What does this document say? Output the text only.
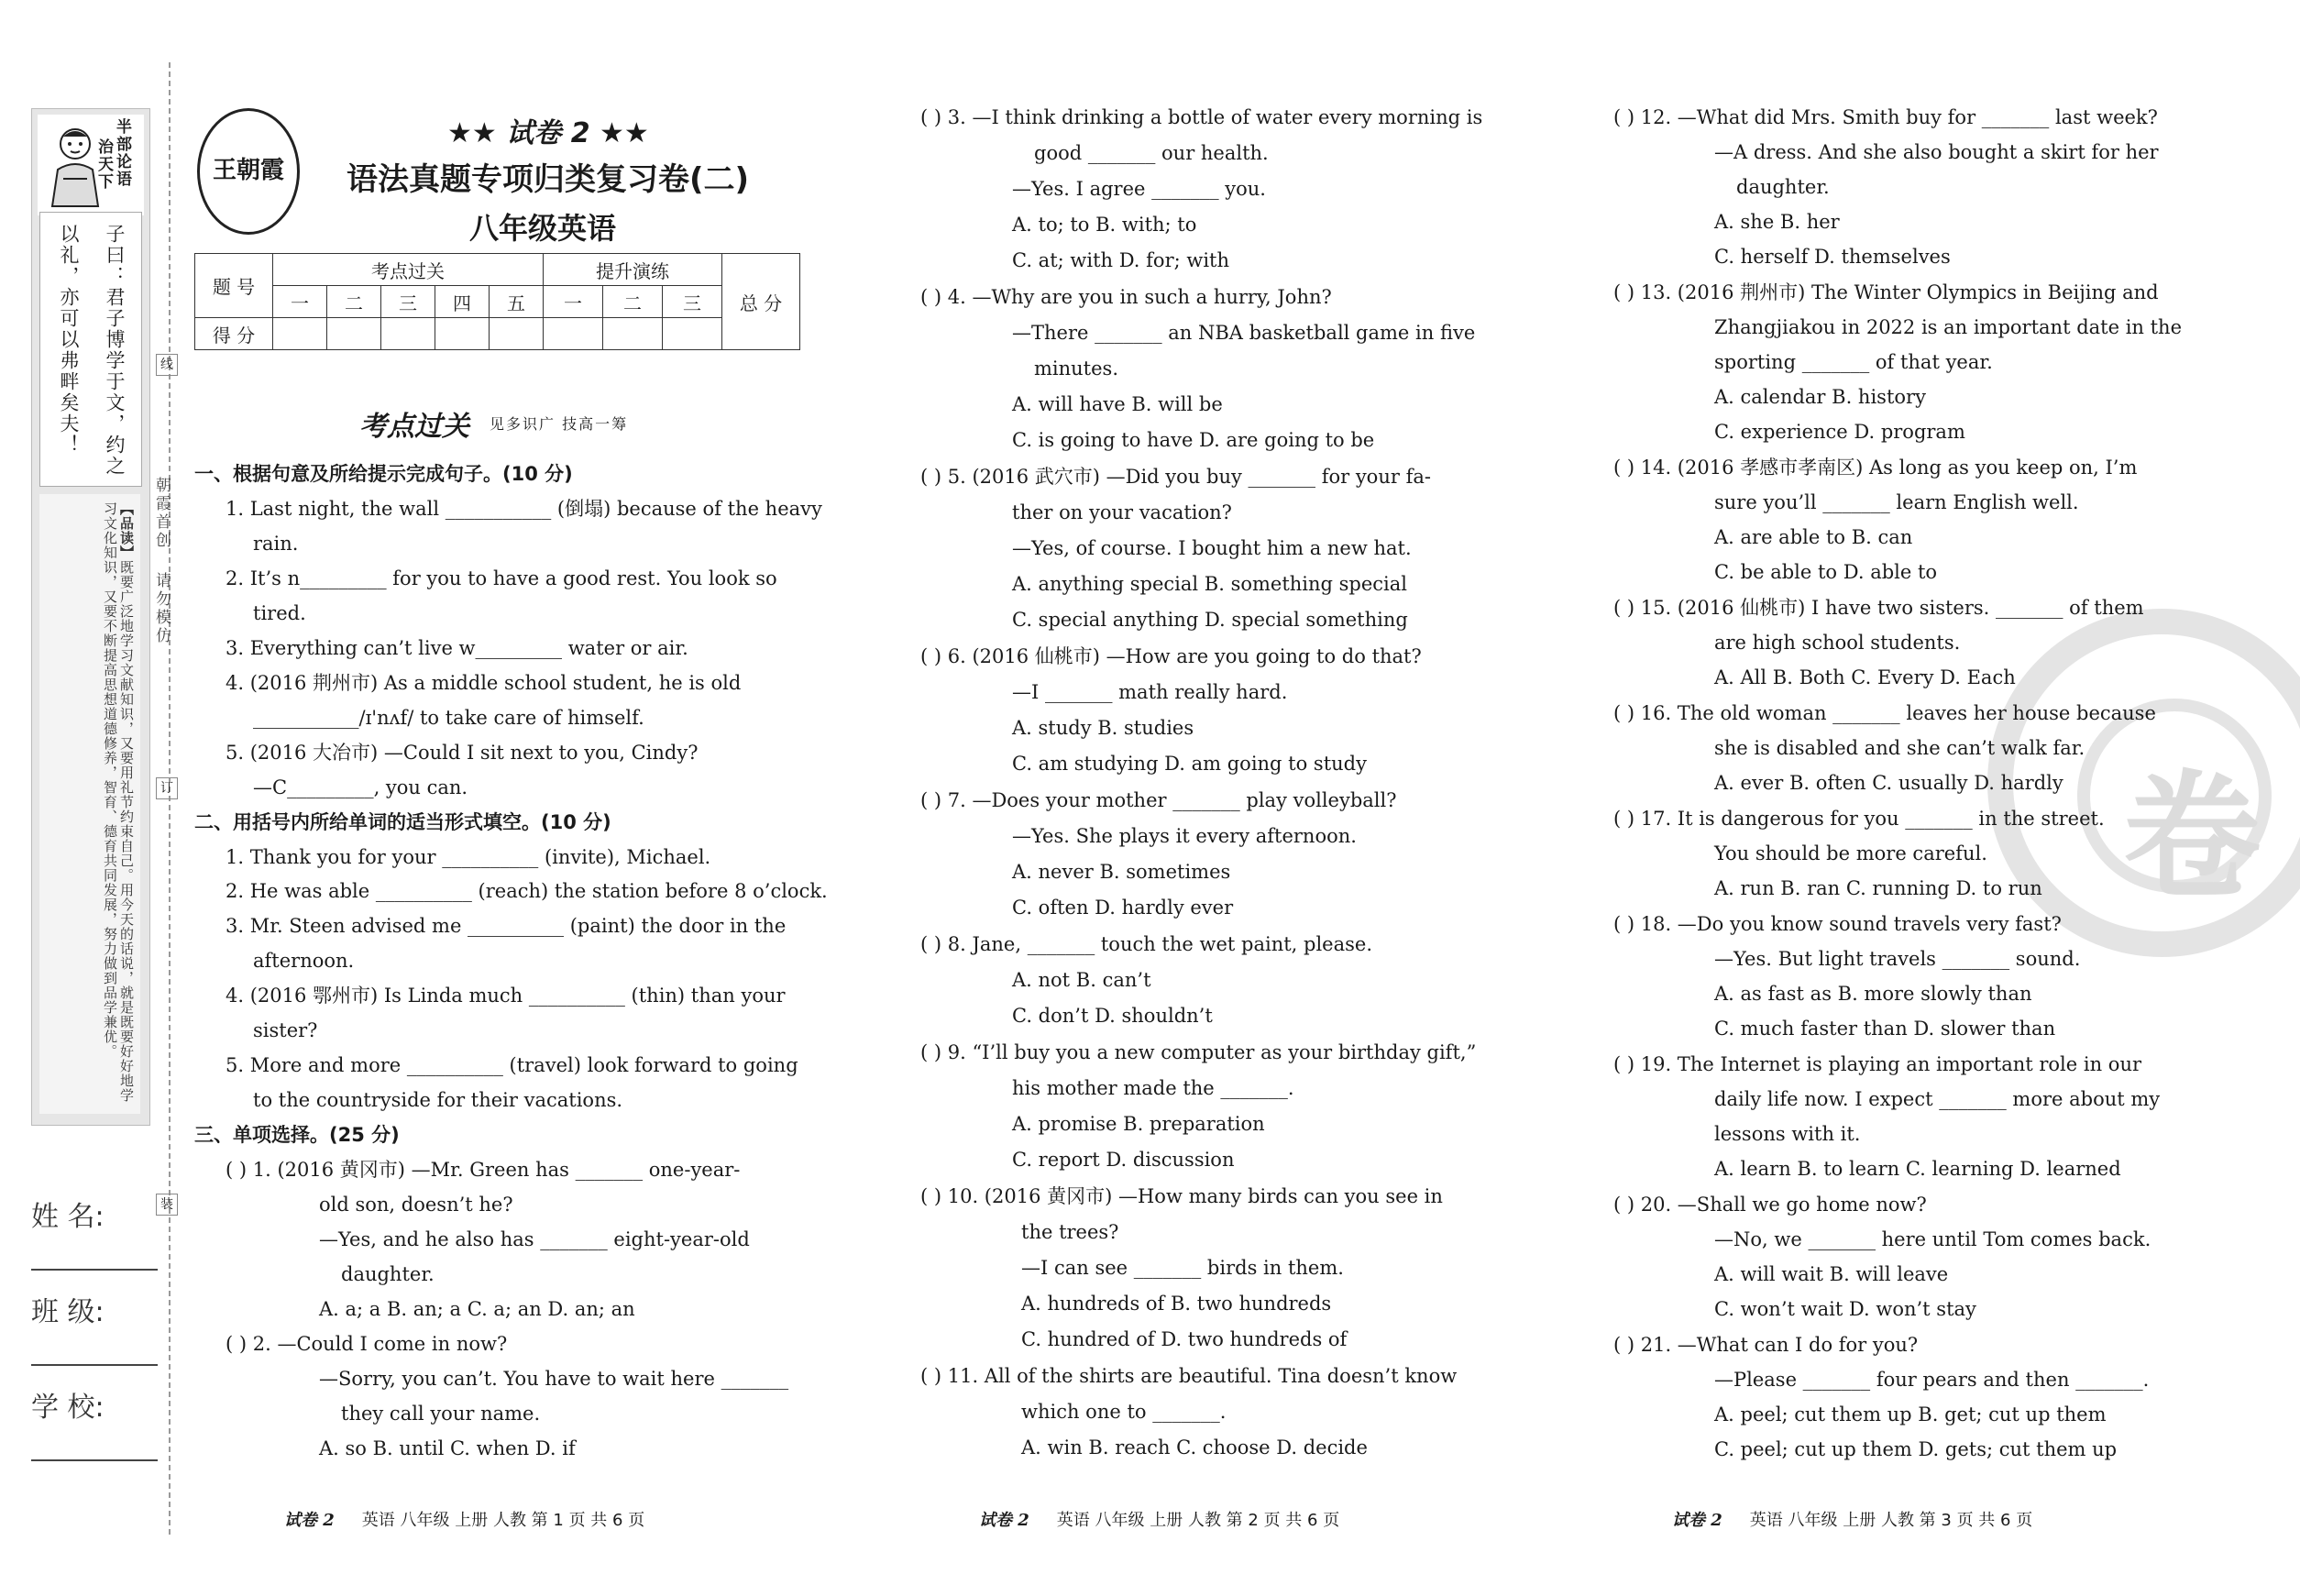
半部论语
治天下
子曰：君子博学于文，约之
以礼，亦可以弗畔矣夫！
【品读】既要广泛地学习文献知识，又要用礼节约束自己。用今天的话说，就是既要好好地学习文化知识，又要不断提高思想道德修养，智育、德育共同发展，努力做到品学兼优。
姓 名:
班 级:
学 校:
线
订
装
朝霞首创
请勿模仿
王朝霞
★★ 试卷 2 ★★
语法真题专项归类复习卷(二)
八年级英语
题 号	考点过关					提升演练			总 分
	一	二	三	四	五	一	二	三	
得 分									
考点过关 见多识广 技高一筹
卷
一、根据句意及所给提示完成句子。(10 分)
1. Last night, the wall ___________ (倒塌) because of the heavy
rain.
2. It’s n_________ for you to have a good rest. You look so
tired.
3. Everything can’t live w_________ water or air.
4. (2016 荆州市) As a middle school student, he is old
___________/ɪ'nʌf/ to take care of himself.
5. (2016 大冶市) —Could I sit next to you, Cindy?
—C_________, you can.
二、用括号内所给单词的适当形式填空。(10 分)
1. Thank you for your __________ (invite), Michael.
2. He was able __________ (reach) the station before 8 o’clock.
3. Mr. Steen advised me __________ (paint) the door in the
afternoon.
4. (2016 鄂州市) Is Linda much __________ (thin) than your
sister?
5. More and more __________ (travel) look forward to going
to the countryside for their vacations.
三、单项选择。(25 分)
( ) 1. (2016 黄冈市) —Mr. Green has _______ one-year-
old son, doesn’t he?
—Yes, and he also has _______ eight-year-old
daughter.
A. a; a B. an; a C. a; an D. an; an
( ) 2. —Could I come in now?
—Sorry, you can’t. You have to wait here _______
they call your name.
A. so B. until C. when D. if
( ) 3. —I think drinking a bottle of water every morning is
good _______ our health.
—Yes. I agree _______ you.
A. to; to B. with; to
C. at; with D. for; with
( ) 4. —Why are you in such a hurry, John?
—There _______ an NBA basketball game in five
minutes.
A. will have B. will be
C. is going to have D. are going to be
( ) 5. (2016 武穴市) —Did you buy _______ for your fa-
ther on your vacation?
—Yes, of course. I bought him a new hat.
A. anything special B. something special
C. special anything D. special something
( ) 6. (2016 仙桃市) —How are you going to do that?
—I _______ math really hard.
A. study B. studies
C. am studying D. am going to study
( ) 7. —Does your mother _______ play volleyball?
—Yes. She plays it every afternoon.
A. never B. sometimes
C. often D. hardly ever
( ) 8. Jane, _______ touch the wet paint, please.
A. not B. can’t
C. don’t D. shouldn’t
( ) 9. “I’ll buy you a new computer as your birthday gift,”
his mother made the _______.
A. promise B. preparation
C. report D. discussion
( ) 10. (2016 黄冈市) —How many birds can you see in
the trees?
—I can see _______ birds in them.
A. hundreds of B. two hundreds
C. hundred of D. two hundreds of
( ) 11. All of the shirts are beautiful. Tina doesn’t know
which one to _______.
A. win B. reach C. choose D. decide
( ) 12. —What did Mrs. Smith buy for _______ last week?
—A dress. And she also bought a skirt for her
daughter.
A. she B. her
C. herself D. themselves
( ) 13. (2016 荆州市) The Winter Olympics in Beijing and
Zhangjiakou in 2022 is an important date in the
sporting _______ of that year.
A. calendar B. history
C. experience D. program
( ) 14. (2016 孝感市孝南区) As long as you keep on, I’m
sure you’ll _______ learn English well.
A. are able to B. can
C. be able to D. able to
( ) 15. (2016 仙桃市) I have two sisters. _______ of them
are high school students.
A. All B. Both C. Every D. Each
( ) 16. The old woman _______ leaves her house because
she is disabled and she can’t walk far.
A. ever B. often C. usually D. hardly
( ) 17. It is dangerous for you _______ in the street.
You should be more careful.
A. run B. ran C. running D. to run
( ) 18. —Do you know sound travels very fast?
—Yes. But light travels _______ sound.
A. as fast as B. more slowly than
C. much faster than D. slower than
( ) 19. The Internet is playing an important role in our
daily life now. I expect _______ more about my
lessons with it.
A. learn B. to learn C. learning D. learned
( ) 20. —Shall we go home now?
—No, we _______ here until Tom comes back.
A. will wait B. will leave
C. won’t wait D. won’t stay
( ) 21. —What can I do for you?
—Please _______ four pears and then _______.
A. peel; cut them up B. get; cut up them
C. peel; cut up them D. gets; cut them up
试卷 2 英语 八年级 上册 人教 第 1 页 共 6 页	试卷 2 英语 八年级 上册 人教 第 2 页 共 6 页	试卷 2 英语 八年级 上册 人教 第 3 页 共 6 页
